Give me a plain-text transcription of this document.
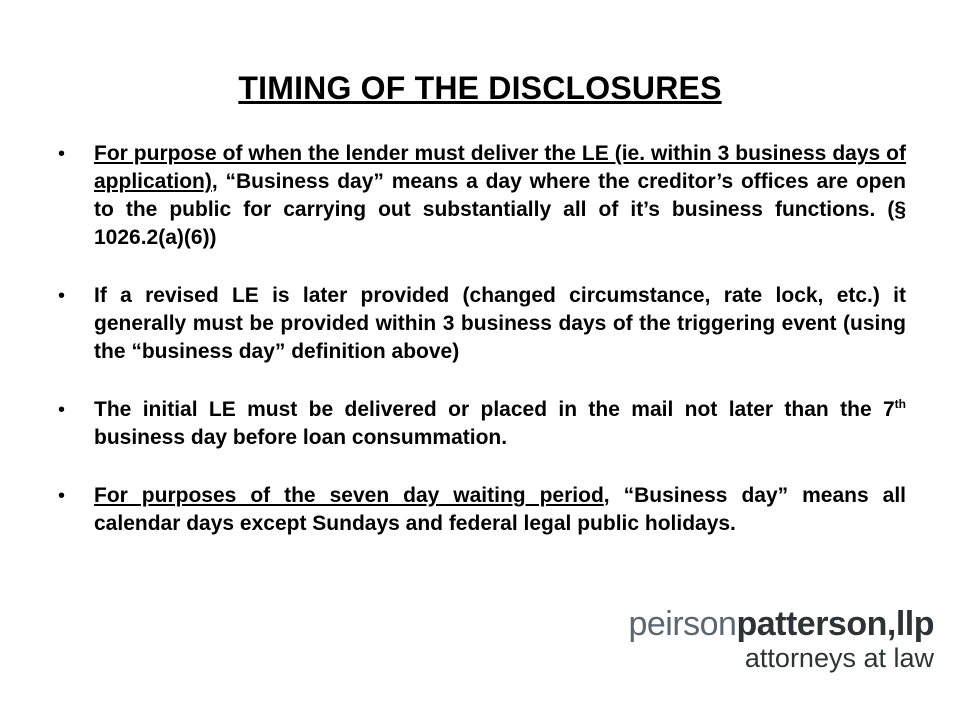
TIMING OF THE DISCLOSURES
• For purpose of when the lender must deliver the LE (ie. within 3 business days of application), “Business day” means a day where the creditor’s offices are open to the public for carrying out substantially all of it’s business functions. (§ 1026.2(a)(6))
• If a revised LE is later provided (changed circumstance, rate lock, etc.) it generally must be provided within 3 business days of the triggering event (using the “business day” definition above)
• The initial LE must be delivered or placed in the mail not later than the 7th business day before loan consummation.
• For purposes of the seven day waiting period, “Business day” means all calendar days except Sundays and federal legal public holidays.
peirsonpatterson,llp
attorneys at law
